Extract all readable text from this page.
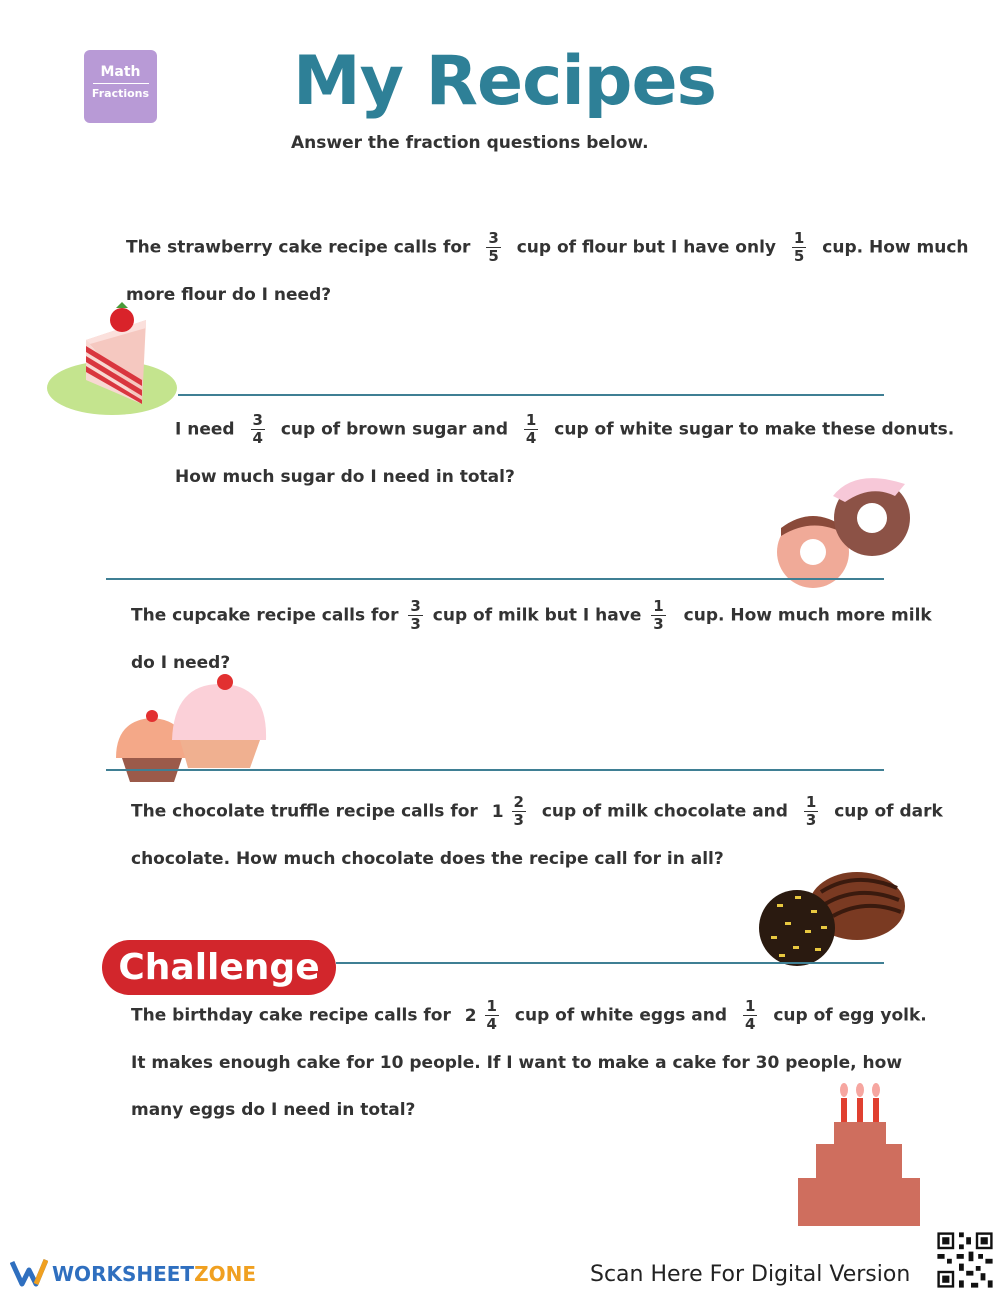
Math
Fractions My Recipes
Answer the fraction questions below.
The strawberry cake recipe calls for $\frac{3}{5}$ cup of flour but I have only $\frac{1}{5}$ cup. How much
more flour do I need?
I need $\frac{3}{4}$ cup of brown sugar and $\frac{1}{4}$ cup of white sugar to make these donuts.
How much sugar do I need in total?
The cupcake recipe calls for $\frac{3}{3}$ cup of milk but I have $\frac{1}{3}$ cup. How much more milk
do I need?
The chocolate truffle recipe calls for $1 \frac{2}{3}$ cup of milk chocolate and $\frac{1}{3}$ cup of dark
chocolate. How much chocolate does the recipe call for in all?
Challenge
The birthday cake recipe calls for $2 \frac{1}{4}$ cup of white eggs and $\frac{1}{4}$ cup of egg yolk.
It makes enough cake for 10 people. If I want to make a cake for 30 people, how
many eggs do I need in total?
WORKSHEETZONE	Scan Here For Digital Version
